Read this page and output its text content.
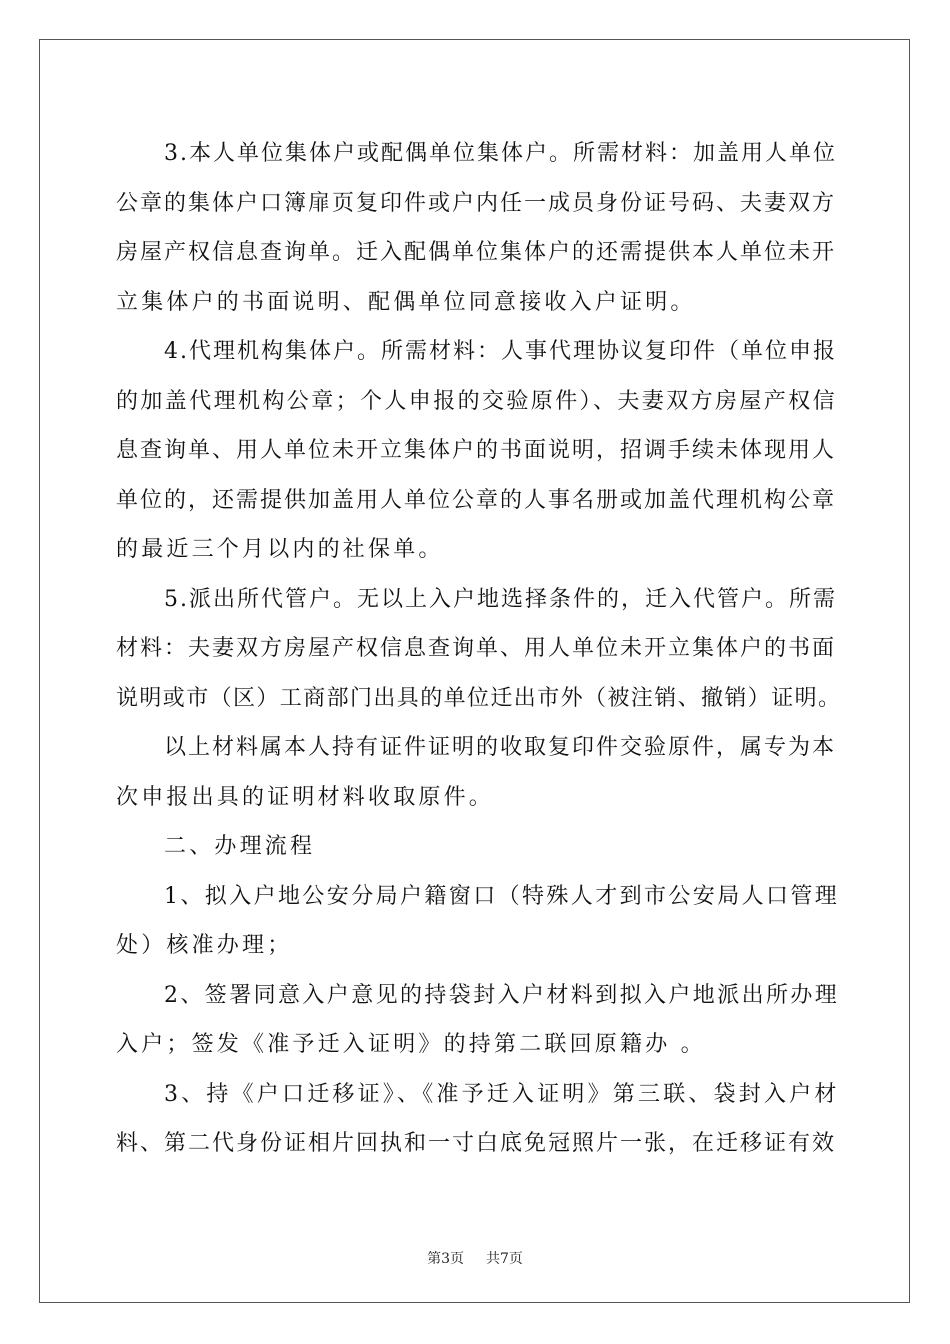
3.本人单位集体户或配偶单位集体户。所需材料：加盖用人单位
公章的集体户口簿扉页复印件或户内任一成员身份证号码、夫妻双方
房屋产权信息查询单。迁入配偶单位集体户的还需提供本人单位未开
立集体户的书面说明、配偶单位同意接收入户证明。

4.代理机构集体户。所需材料：人事代理协议复印件（单位申报
的加盖代理机构公章；个人申报的交验原件）、夫妻双方房屋产权信
息查询单、用人单位未开立集体户的书面说明，招调手续未体现用人
单位的，还需提供加盖用人单位公章的人事名册或加盖代理机构公章
的最近三个月以内的社保单。

5.派出所代管户。无以上入户地选择条件的，迁入代管户。所需
材料：夫妻双方房屋产权信息查询单、用人单位未开立集体户的书面
说明或市（区）工商部门出具的单位迁出市外（被注销、撤销）证明。

以上材料属本人持有证件证明的收取复印件交验原件，属专为本
次申报出具的证明材料收取原件。

二、办理流程

1、拟入户地公安分局户籍窗口（特殊人才到市公安局人口管理
处）核准办理；

2、签署同意入户意见的持袋封入户材料到拟入户地派出所办理
入户；签发《准予迁入证明》的持第二联回原籍办 。

3、持《户口迁移证》、《准予迁入证明》第三联、袋封入户材
料、第二代身份证相片回执和一寸白底免冠照片一张，在迁移证有效

第3页 共7页
